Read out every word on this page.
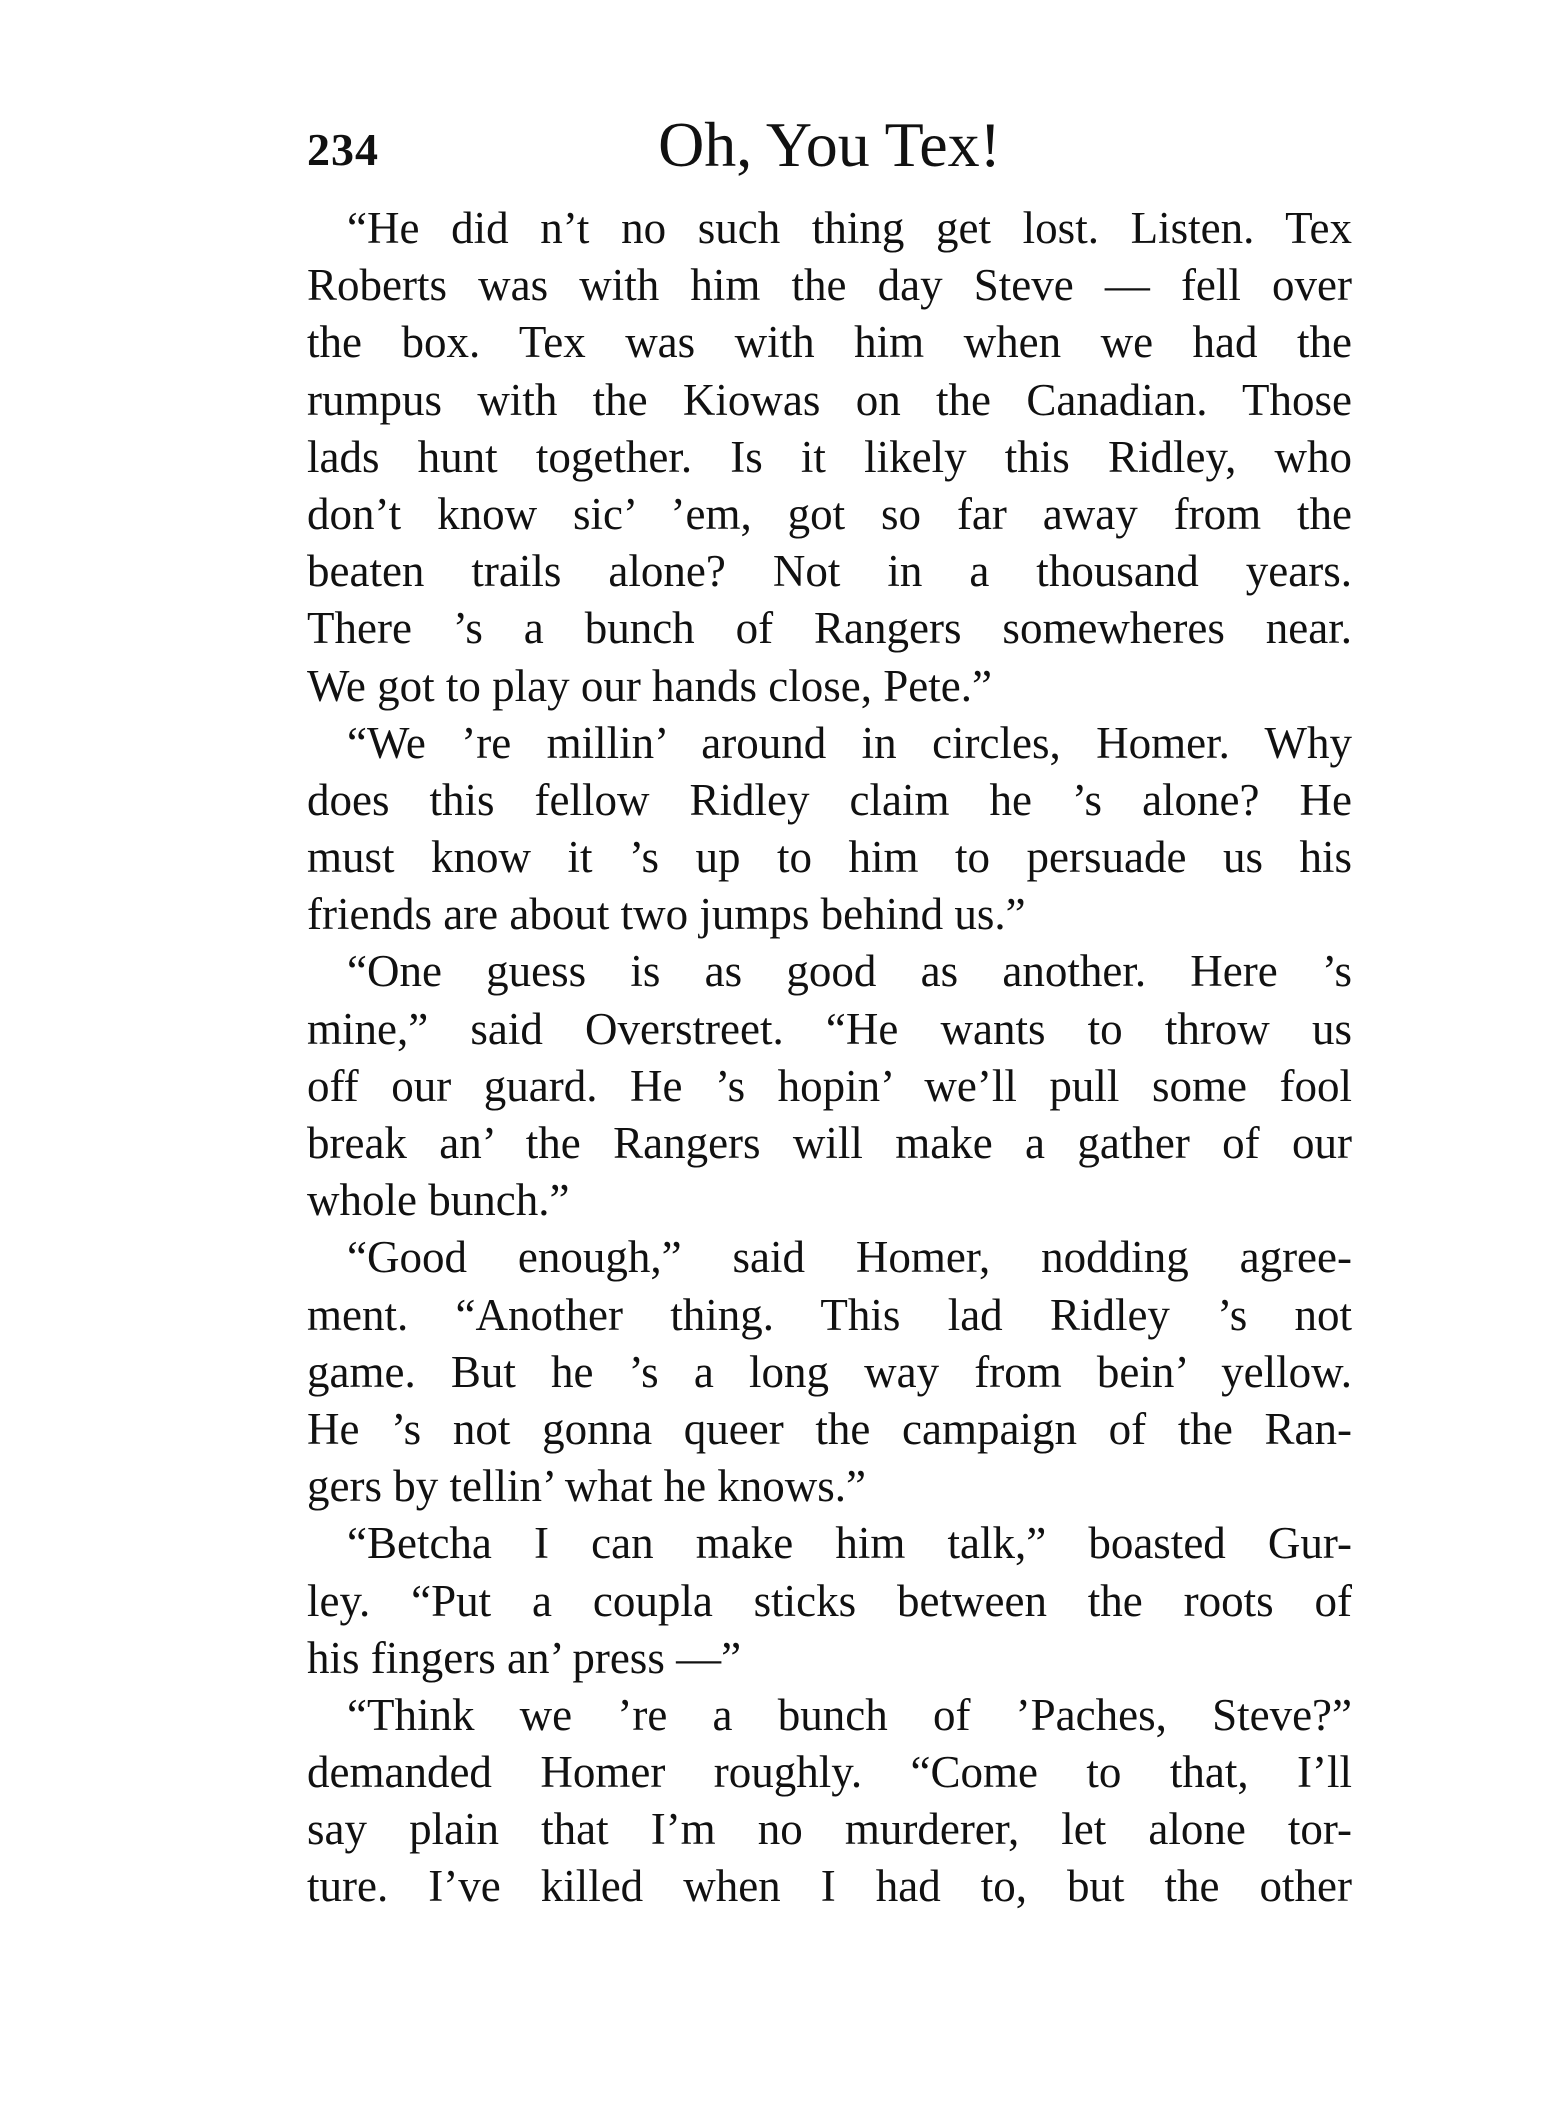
234	Oh, You Tex!
“He did n’t no such thing get lost. Listen. Tex
Roberts was with him the day Steve — fell over
the box. Tex was with him when we had the
rumpus with the Kiowas on the Canadian. Those
lads hunt together. Is it likely this Ridley, who
don’t know sic’ ’em, got so far away from the
beaten trails alone? Not in a thousand years.
There ’s a bunch of Rangers somewheres near.
We got to play our hands close, Pete.”
“We ’re millin’ around in circles, Homer. Why
does this fellow Ridley claim he ’s alone? He
must know it ’s up to him to persuade us his
friends are about two jumps behind us.”
“One guess is as good as another. Here ’s
mine,” said Overstreet. “He wants to throw us
off our guard. He ’s hopin’ we’ll pull some fool
break an’ the Rangers will make a gather of our
whole bunch.”
“Good enough,” said Homer, nodding agree-
ment. “Another thing. This lad Ridley ’s not
game. But he ’s a long way from bein’ yellow.
He ’s not gonna queer the campaign of the Ran-
gers by tellin’ what he knows.”
“Betcha I can make him talk,” boasted Gur-
ley. “Put a coupla sticks between the roots of
his fingers an’ press —”
“Think we ’re a bunch of ’Paches, Steve?”
demanded Homer roughly. “Come to that, I’ll
say plain that I’m no murderer, let alone tor-
ture. I’ve killed when I had to, but the other
